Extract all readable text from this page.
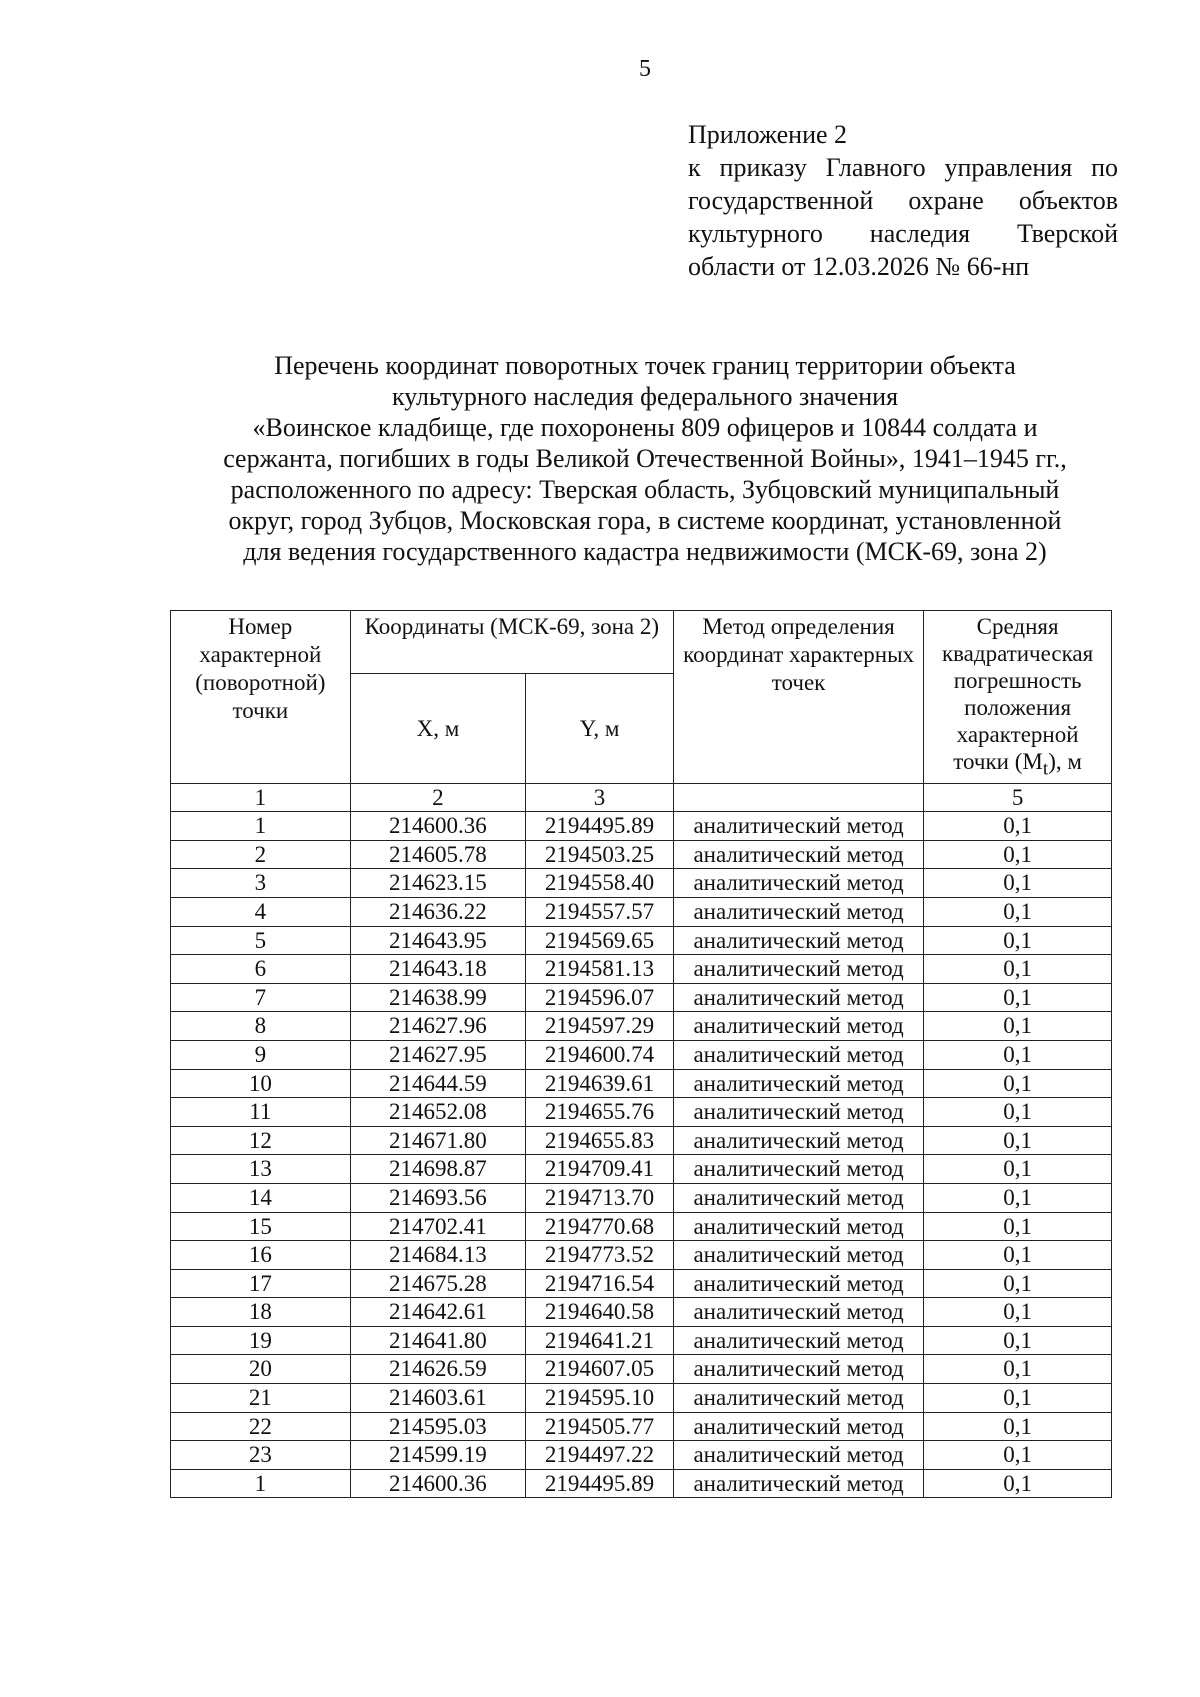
5
Приложение 2
к приказу Главного управления по государственной охране объектов культурного наследия Тверской области от 12.03.2026 № 66-нп
Перечень координат поворотных точек границ территории объекта
культурного наследия федерального значения
«Воинское кладбище, где похоронены 809 офицеров и 10844 солдата и
сержанта, погибших в годы Великой Отечественной Войны», 1941–1945 гг.,
расположенного по адресу: Тверская область, Зубцовский муниципальный
округ, город Зубцов, Московская гора, в системе координат, установленной
для ведения государственного кадастра недвижимости (МСК-69, зона 2)
Номер характерной (поворотной) точки	Координаты (МСК-69, зона 2)		Метод определения координат характерных точек	Средняя квадратическая погрешность положения характерной точки $(M_t)$, м
	X, м	Y, м		
1	2	3		5
1	214600.36	2194495.89	аналитический метод	0,1
2	214605.78	2194503.25	аналитический метод	0,1
3	214623.15	2194558.40	аналитический метод	0,1
4	214636.22	2194557.57	аналитический метод	0,1
5	214643.95	2194569.65	аналитический метод	0,1
6	214643.18	2194581.13	аналитический метод	0,1
7	214638.99	2194596.07	аналитический метод	0,1
8	214627.96	2194597.29	аналитический метод	0,1
9	214627.95	2194600.74	аналитический метод	0,1
10	214644.59	2194639.61	аналитический метод	0,1
11	214652.08	2194655.76	аналитический метод	0,1
12	214671.80	2194655.83	аналитический метод	0,1
13	214698.87	2194709.41	аналитический метод	0,1
14	214693.56	2194713.70	аналитический метод	0,1
15	214702.41	2194770.68	аналитический метод	0,1
16	214684.13	2194773.52	аналитический метод	0,1
17	214675.28	2194716.54	аналитический метод	0,1
18	214642.61	2194640.58	аналитический метод	0,1
19	214641.80	2194641.21	аналитический метод	0,1
20	214626.59	2194607.05	аналитический метод	0,1
21	214603.61	2194595.10	аналитический метод	0,1
22	214595.03	2194505.77	аналитический метод	0,1
23	214599.19	2194497.22	аналитический метод	0,1
1	214600.36	2194495.89	аналитический метод	0,1
